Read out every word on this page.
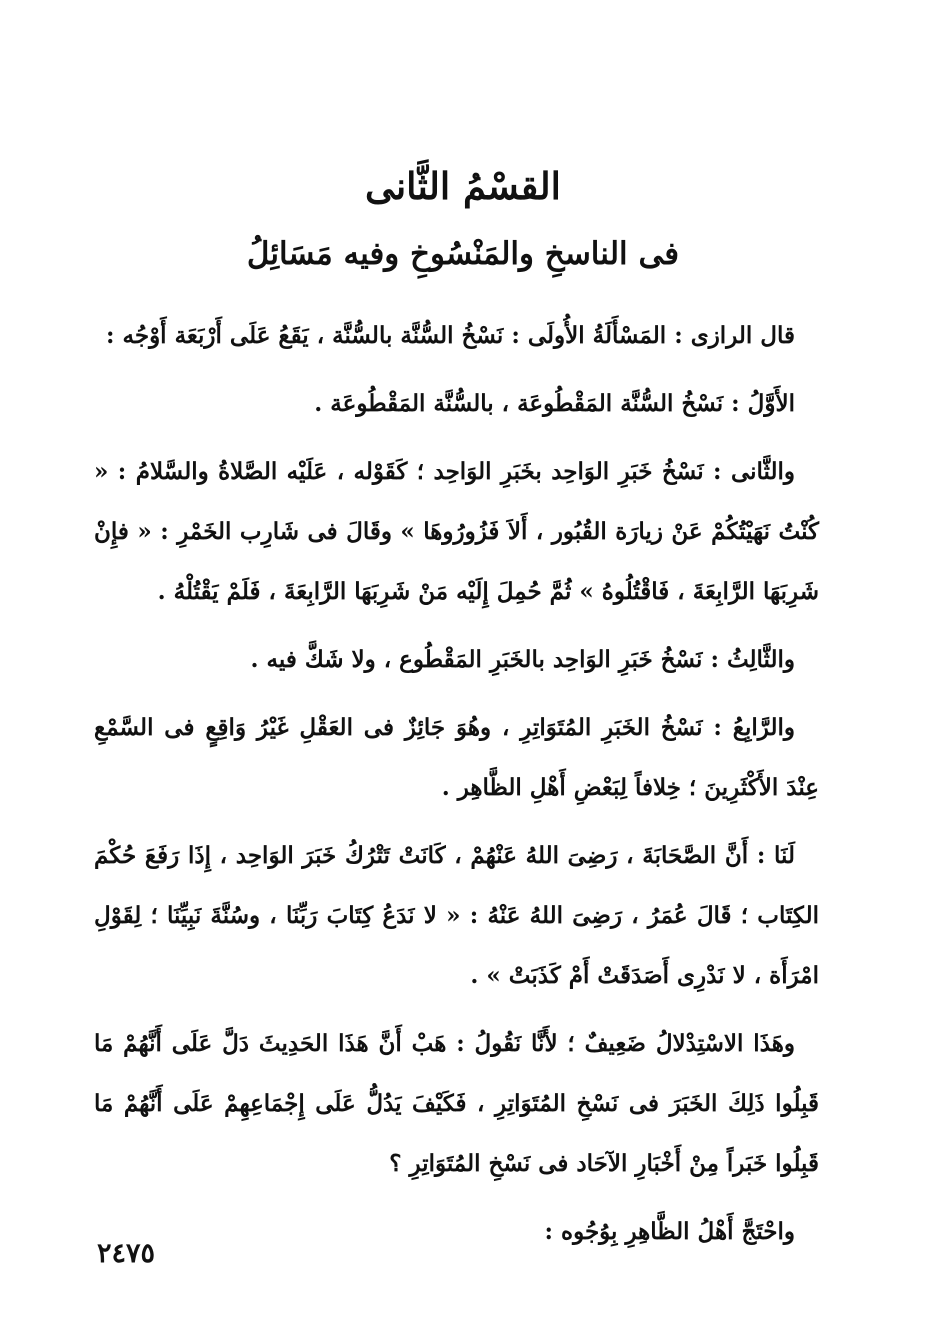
القسْمُ الثَّانى
فى الناسخِ والمَنْسُوخِ وفيه مَسَائِلُ

قال الرازى : المَسْأَلَةُ الأُولَى : نَسْخُ السُّنَّة بالسُّنَّة ، يَقَعُ عَلَى أَرْبَعَة أَوْجُه :

الأَوَّلُ : نَسْخُ السُّنَّة المَقْطُوعَة ، بالسُّنَّة المَقْطُوعَة .

والثَّانى : نَسْخُ خَبَرِ الوَاحِد بخَبَرِ الوَاحِد ؛ كَقَوْله ، عَلَيْه الصَّلاةُ والسَّلامُ : « كُنْتُ نَهَيْتُكُمْ عَنْ زيارَة القُبُور ، أَلاَ فَزُورُوهَا » وقَالَ فى شَارِب الخَمْرِ : « فإِنْ شَرِبَهَا الرَّابِعَةَ ، فَاقْتُلُوهُ » ثُمَّ حُمِلَ إِلَيْه مَنْ شَرِبَهَا الرَّابِعَةَ ، فَلَمْ يَقْتُلْهُ .

والثَّالِثُ : نَسْخُ خَبَرِ الوَاحِد بالخَبَرِ المَقْطُوع ، ولا شَكَّ فيه .

والرَّابِعُ : نَسْخُ الخَبَرِ المُتَوَاتِرِ ، وهُوَ جَائِزٌ فى العَقْلِ غَيْرُ وَاقِعٍ فى السَّمْعِ عِنْدَ الأَكْثَرِينَ ؛ خِلافاً لِبَعْضِ أَهْلِ الظَّاهِر .

لَنَا : أَنَّ الصَّحَابَةَ ، رَضِىَ اللهُ عَنْهُمْ ، كَانَتْ تَتْرُكُ خَبَرَ الوَاحِد ، إِذَا رَفَعَ حُكْمَ الكِتَاب ؛ قَالَ عُمَرُ ، رَضِىَ اللهُ عَنْهُ : « لا نَدَعُ كِتَابَ رَبِّنَا ، وسُنَّةَ نَبِيِّنَا ؛ لِقَوْلِ امْرَأَة ، لا نَدْرِى أَصَدَقَتْ أَمْ كَذَبَتْ » .

وهَذَا الاسْتِدْلالُ ضَعِيفٌ ؛ لأَنَّا نَقُولُ : هَبْ أَنَّ هَذَا الحَدِيثَ دَلَّ عَلَى أَنَّهُمْ مَا قَبِلُوا ذَلِكَ الخَبَرَ فى نَسْخِ المُتَوَاتِرِ ، فَكَيْفَ يَدُلُّ عَلَى إِجْمَاعِهِمْ عَلَى أَنَّهُمْ مَا قَبِلُوا خَبَراً مِنْ أَخْبَارِ الآحَاد فى نَسْخِ المُتَوَاتِرِ ؟

واحْتَجَّ أَهْلُ الظَّاهِرِ بِوُجُوه :

٢٤٧٥
